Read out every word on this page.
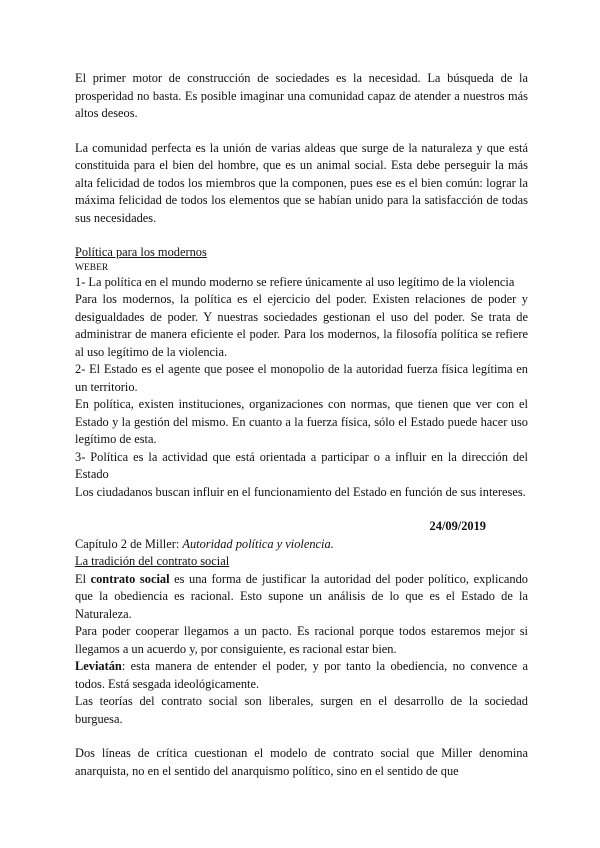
El primer motor de construcción de sociedades es la necesidad. La búsqueda de la prosperidad no basta. Es posible imaginar una comunidad capaz de atender a nuestros más altos deseos.

La comunidad perfecta es la unión de varias aldeas que surge de la naturaleza y que está constituida para el bien del hombre, que es un animal social. Esta debe perseguir la más alta felicidad de todos los miembros que la componen, pues ese es el bien común: lograr la máxima felicidad de todos los elementos que se habían unido para la satisfacción de todas sus necesidades.

Política para los modernos

WEBER

1- La política en el mundo moderno se refiere únicamente al uso legítimo de la violencia

Para los modernos, la política es el ejercicio del poder. Existen relaciones de poder y desigualdades de poder. Y nuestras sociedades gestionan el uso del poder. Se trata de administrar de manera eficiente el poder. Para los modernos, la filosofía política se refiere al uso legítimo de la violencia.

2- El Estado es el agente que posee el monopolio de la autoridad fuerza física legítima en un territorio.

En política, existen instituciones, organizaciones con normas, que tienen que ver con el Estado y la gestión del mismo. En cuanto a la fuerza física, sólo el Estado puede hacer uso legítimo de esta.

3- Política es la actividad que está orientada a participar o a influir en la dirección del Estado

Los ciudadanos buscan influir en el funcionamiento del Estado en función de sus intereses.

24/09/2019

Capítulo 2 de Miller: Autoridad política y violencia.

La tradición del contrato social

El contrato social es una forma de justificar la autoridad del poder político, explicando que la obediencia es racional. Esto supone un análisis de lo que es el Estado de la Naturaleza.

Para poder cooperar llegamos a un pacto. Es racional porque todos estaremos mejor si llegamos a un acuerdo y, por consiguiente, es racional estar bien.

Leviatán: esta manera de entender el poder, y por tanto la obediencia, no convence a todos. Está sesgada ideológicamente.

Las teorías del contrato social son liberales, surgen en el desarrollo de la sociedad burguesa.

Dos líneas de crítica cuestionan el modelo de contrato social que Miller denomina anarquista, no en el sentido del anarquismo político, sino en el sentido de que
